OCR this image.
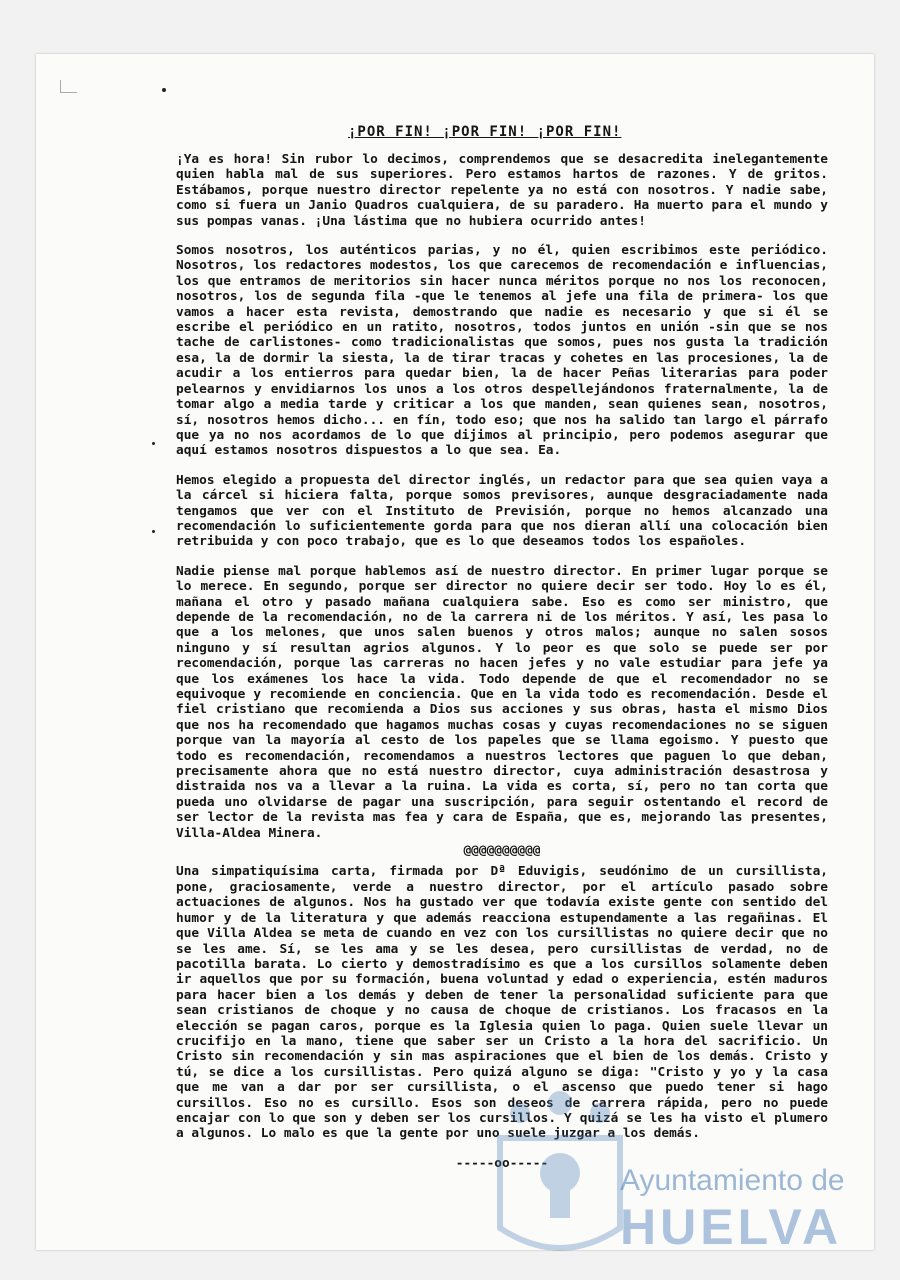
¡POR FIN! ¡POR FIN! ¡POR FIN!

¡Ya es hora! Sin rubor lo decimos, comprendemos que se desacredita inelegantemente quien habla mal de sus superiores. Pero estamos hartos de razones. Y de gritos. Estábamos, porque nuestro director repelente ya no está con nosotros. Y nadie sabe, como si fuera un Janio Quadros cualquiera, de su paradero. Ha muerto para el mundo y sus pompas vanas. ¡Una lástima que no hubiera ocurrido antes!

Somos nosotros, los auténticos parias, y no él, quien escribimos este periódico. Nosotros, los redactores modestos, los que carecemos de recomendación e influencias, los que entramos de meritorios sin hacer nunca méritos porque no nos los reconocen, nosotros, los de segunda fila -que le tenemos al jefe una fila de primera- los que vamos a hacer esta revista, demostrando que nadie es necesario y que si él se escribe el periódico en un ratito, nosotros, todos juntos en unión -sin que se nos tache de carlistones- como tradicionalistas que somos, pues nos gusta la tradición esa, la de dormir la siesta, la de tirar tracas y cohetes en las procesiones, la de acudir a los entierros para quedar bien, la de hacer Peñas literarias para poder pelearnos y envidiarnos los unos a los otros despellejándonos fraternalmente, la de tomar algo a media tarde y criticar a los que manden, sean quienes sean, nosotros, sí, nosotros hemos dicho... en fín, todo eso; que nos ha salido tan largo el párrafo que ya no nos acordamos de lo que dijimos al principio, pero podemos asegurar que aquí estamos nosotros dispuestos a lo que sea. Ea.

Hemos elegido a propuesta del director inglés, un redactor para que sea quien vaya a la cárcel si hiciera falta, porque somos previsores, aunque desgraciadamente nada tengamos que ver con el Instituto de Previsión, porque no hemos alcanzado una recomendación lo suficientemente gorda para que nos dieran allí una colocación bien retribuida y con poco trabajo, que es lo que deseamos todos los españoles.

Nadie piense mal porque hablemos así de nuestro director. En primer lugar porque se lo merece. En segundo, porque ser director no quiere decir ser todo. Hoy lo es él, mañana el otro y pasado mañana cualquiera sabe. Eso es como ser ministro, que depende de la recomendación, no de la carrera ni de los méritos. Y así, les pasa lo que a los melones, que unos salen buenos y otros malos; aunque no salen sosos ninguno y sí resultan agrios algunos. Y lo peor es que solo se puede ser por recomendación, porque las carreras no hacen jefes y no vale estudiar para jefe ya que los exámenes los hace la vida. Todo depende de que el recomendador no se equivoque y recomiende en conciencia. Que en la vida todo es recomendación. Desde el fiel cristiano que recomienda a Dios sus acciones y sus obras, hasta el mismo Dios que nos ha recomendado que hagamos muchas cosas y cuyas recomendaciones no se siguen porque van la mayoría al cesto de los papeles que se llama egoismo. Y puesto que todo es recomendación, recomendamos a nuestros lectores que paguen lo que deban, precisamente ahora que no está nuestro director, cuya administración desastrosa y distraida nos va a llevar a la ruina. La vida es corta, sí, pero no tan corta que pueda uno olvidarse de pagar una suscripción, para seguir ostentando el record de ser lector de la revista mas fea y cara de España, que es, mejorando las presentes, Villa-Aldea Minera.

@@@@@@@@@@

Una simpatiquísima carta, firmada por Dª Eduvigis, seudónimo de un cursillista, pone, graciosamente, verde a nuestro director, por el artículo pasado sobre actuaciones de algunos. Nos ha gustado ver que todavía existe gente con sentido del humor y de la literatura y que además reacciona estupendamente a las regañinas. El que Villa Aldea se meta de cuando en vez con los cursillistas no quiere decir que no se les ame. Sí, se les ama y se les desea, pero cursillistas de verdad, no de pacotilla barata. Lo cierto y demostradísimo es que a los cursillos solamente deben ir aquellos que por su formación, buena voluntad y edad o experiencia, estén maduros para hacer bien a los demás y deben de tener la personalidad suficiente para que sean cristianos de choque y no causa de choque de cristianos. Los fracasos en la elección se pagan caros, porque es la Iglesia quien lo paga. Quien suele llevar un crucifijo en la mano, tiene que saber ser un Cristo a la hora del sacrificio. Un Cristo sin recomendación y sin mas aspiraciones que el bien de los demás. Cristo y tú, se dice a los cursillistas. Pero quizá alguno se diga: "Cristo y yo y la casa que me van a dar por ser cursillista, o el ascenso que puedo tener si hago cursillos. Eso no es cursillo. Esos son deseos de carrera rápida, pero no puede encajar con lo que son y deben ser los cursillos. Y quizá se les ha visto el plumero a algunos. Lo malo es que la gente por uno suele juzgar a los demás.

-----oo-----

Ayuntamiento de
HUELVA
